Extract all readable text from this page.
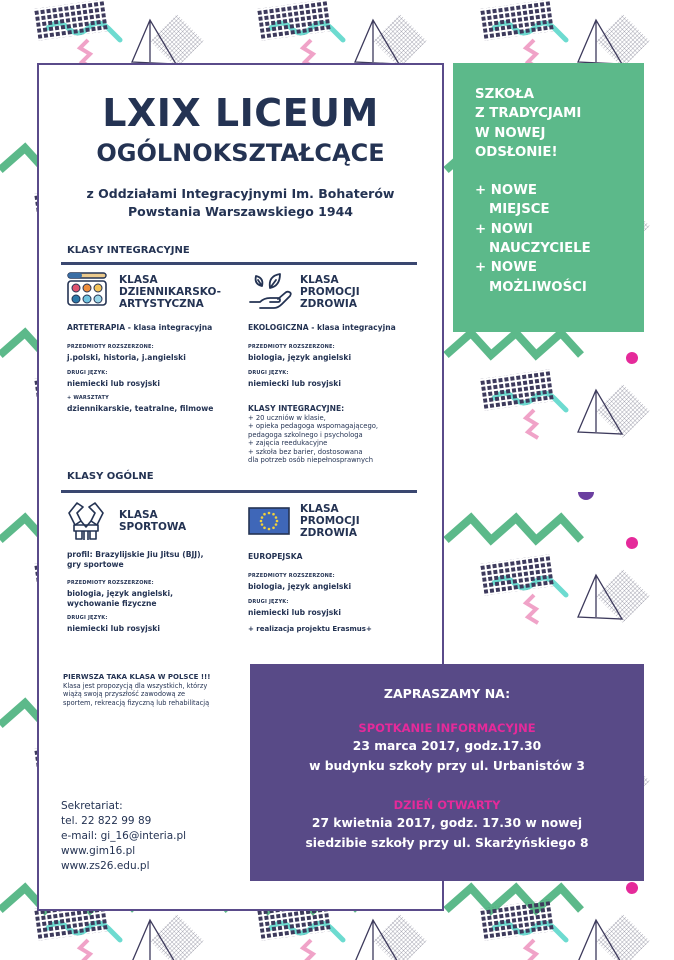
LXIX LICEUM
OGÓLNOKSZTAŁCĄCE
z Oddziałami Integracyjnymi Im. Bohaterów
Powstania Warszawskiego 1944
KLASY INTEGRACYJNE
KLASA
DZIENNIKARSKO-
ARTYSTYCZNA
ARTETERAPIA - klasa integracyjna
PRZEDMIOTY ROZSZERZONE:
j.polski, historia, j.angielski
DRUGI JĘZYK:
niemiecki lub rosyjski
+ WARSZTATY
dziennikarskie, teatralne, filmowe
KLASA
PROMOCJI
ZDROWIA
EKOLOGICZNA - klasa integracyjna
PRZEDMIOTY ROZSZERZONE:
biologia, język angielski
DRUGI JĘZYK:
niemiecki lub rosyjski
KLASY INTEGRACYJNE:
+ 20 uczniów w klasie,
+ opieka pedagoga wspomagającego,
pedagoga szkolnego i psychologa
+ zajęcia reedukacyjne
+ szkoła bez barier, dostosowana
dla potrzeb osób niepełnosprawnych
KLASY OGÓLNE
KLASA
SPORTOWA
profil: Brazylijskie Jiu Jitsu (BJJ),
gry sportowe
PRZEDMIOTY ROZSZERZONE:
biologia, język angielski,
wychowanie fizyczne
DRUGI JĘZYK:
niemiecki lub rosyjski
KLASA
PROMOCJI
ZDROWIA
EUROPEJSKA
PRZEDMIOTY ROZSZERZONE:
biologia, język angielski
DRUGI JĘZYK:
niemiecki lub rosyjski
+ realizacja projektu Erasmus+
PIERWSZA TAKA KLASA W POLSCE !!!
Klasa jest propozycją dla wszystkich, którzy
wiążą swoją przyszłość zawodową ze
sportem, rekreacją fizyczną lub rehabilitacją
Sekretariat:
tel. 22 822 99 89
e-mail: gi_16@interia.pl
www.gim16.pl
www.zs26.edu.pl
SZKOŁA
Z TRADYCJAMI
W NOWEJ
ODSŁONIE!
+ NOWE
MIEJSCE
+ NOWI
NAUCZYCIELE
+ NOWE
MOŻLIWOŚCI
ZAPRASZAMY NA:
SPOTKANIE INFORMACYJNE
23 marca 2017, godz.17.30
w budynku szkoły przy ul. Urbanistów 3
DZIEŃ OTWARTY
27 kwietnia 2017, godz. 17.30 w nowej
siedzibie szkoły przy ul. Skarżyńskiego 8
